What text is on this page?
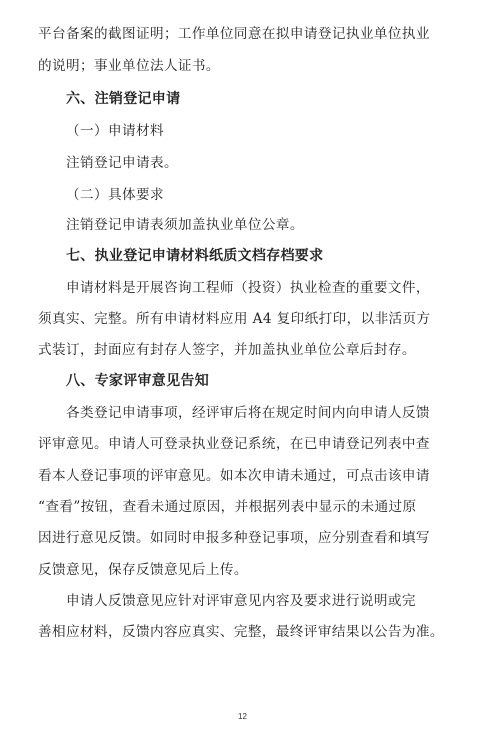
平台备案的截图证明；工作单位同意在拟申请登记执业单位执业
的说明；事业单位法人证书。
六、注销登记申请
（一）申请材料
注销登记申请表。
（二）具体要求
注销登记申请表须加盖执业单位公章。
七、执业登记申请材料纸质文档存档要求
申请材料是开展咨询工程师（投资）执业检查的重要文件，
须真实、完整。所有申请材料应用 A4 复印纸打印，以非活页方
式装订，封面应有封存人签字，并加盖执业单位公章后封存。
八、专家评审意见告知
各类登记申请事项，经评审后将在规定时间内向申请人反馈
评审意见。申请人可登录执业登记系统，在已申请登记列表中查
看本人登记事项的评审意见。如本次申请未通过，可点击该申请
“查看”按钮，查看未通过原因，并根据列表中显示的未通过原
因进行意见反馈。如同时申报多种登记事项，应分别查看和填写
反馈意见，保存反馈意见后上传。
申请人反馈意见应针对评审意见内容及要求进行说明或完
善相应材料，反馈内容应真实、完整，最终评审结果以公告为准。
12
